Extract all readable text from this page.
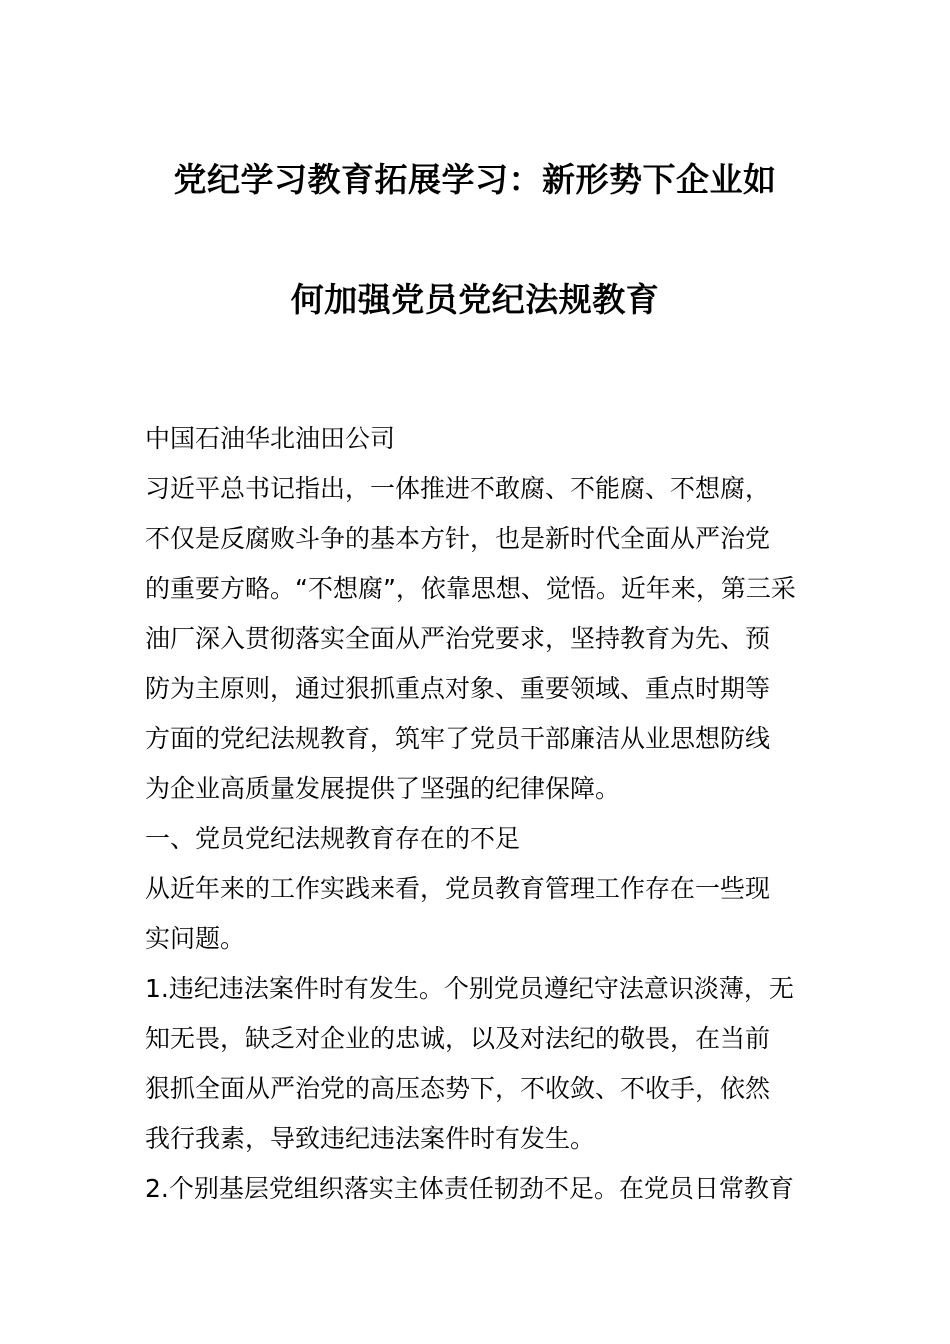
党纪学习教育拓展学习：新形势下企业如
何加强党员党纪法规教育
中国石油华北油田公司
习近平总书记指出，一体推进不敢腐、不能腐、不想腐，
不仅是反腐败斗争的基本方针，也是新时代全面从严治党
的重要方略。“不想腐”，依靠思想、觉悟。近年来，第三采
油厂深入贯彻落实全面从严治党要求，坚持教育为先、预
防为主原则，通过狠抓重点对象、重要领域、重点时期等
方面的党纪法规教育，筑牢了党员干部廉洁从业思想防线
为企业高质量发展提供了坚强的纪律保障。
一、党员党纪法规教育存在的不足
从近年来的工作实践来看，党员教育管理工作存在一些现
实问题。
1.违纪违法案件时有发生。个别党员遵纪守法意识淡薄，无
知无畏，缺乏对企业的忠诚，以及对法纪的敬畏，在当前
狠抓全面从严治党的高压态势下，不收敛、不收手，依然
我行我素，导致违纪违法案件时有发生。
2.个别基层党组织落实主体责任韧劲不足。在党员日常教育
